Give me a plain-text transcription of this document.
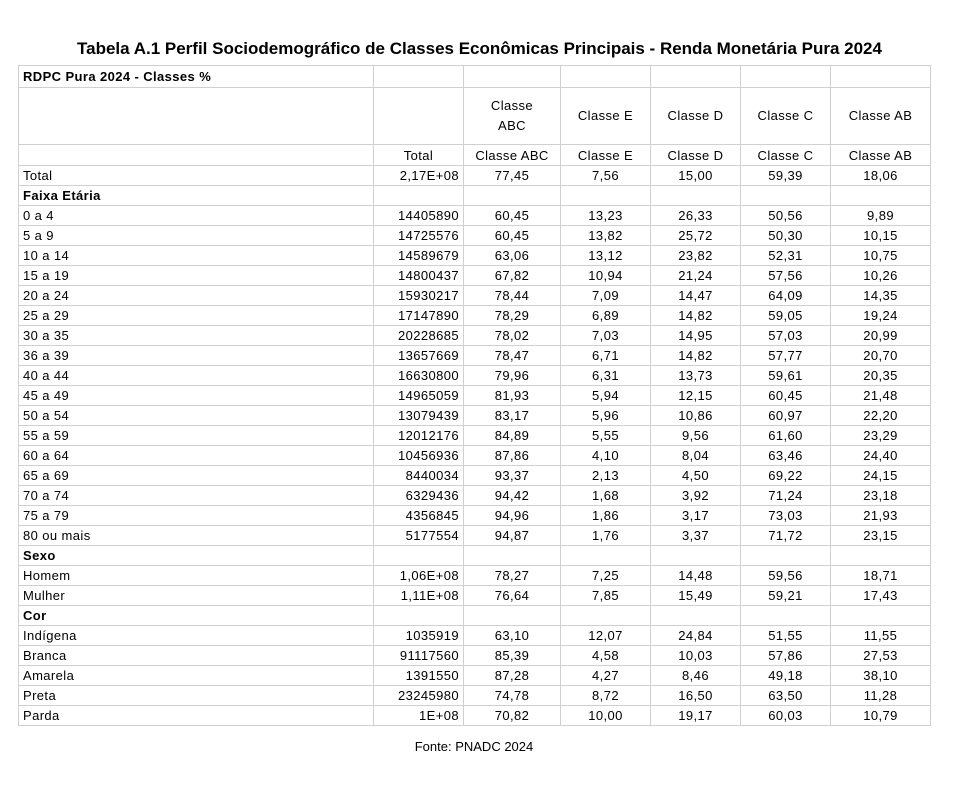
Tabela A.1 Perfil Sociodemográfico de Classes Econômicas Principais - Renda Monetária Pura 2024
RDPC Pura 2024 - Classes %						
		Classe ABC	Classe E	Classe D	Classe C	Classe AB
	Total	Classe ABC	Classe E	Classe D	Classe C	Classe AB
Total	2,17E+08	77,45	7,56	15,00	59,39	18,06
Faixa Etária						
0 a 4	14405890	60,45	13,23	26,33	50,56	9,89
5 a 9	14725576	60,45	13,82	25,72	50,30	10,15
10 a 14	14589679	63,06	13,12	23,82	52,31	10,75
15 a 19	14800437	67,82	10,94	21,24	57,56	10,26
20 a 24	15930217	78,44	7,09	14,47	64,09	14,35
25 a 29	17147890	78,29	6,89	14,82	59,05	19,24
30 a 35	20228685	78,02	7,03	14,95	57,03	20,99
36 a 39	13657669	78,47	6,71	14,82	57,77	20,70
40 a 44	16630800	79,96	6,31	13,73	59,61	20,35
45 a 49	14965059	81,93	5,94	12,15	60,45	21,48
50 a 54	13079439	83,17	5,96	10,86	60,97	22,20
55 a 59	12012176	84,89	5,55	9,56	61,60	23,29
60 a 64	10456936	87,86	4,10	8,04	63,46	24,40
65 a 69	8440034	93,37	2,13	4,50	69,22	24,15
70 a 74	6329436	94,42	1,68	3,92	71,24	23,18
75 a 79	4356845	94,96	1,86	3,17	73,03	21,93
80 ou mais	5177554	94,87	1,76	3,37	71,72	23,15
Sexo						
Homem	1,06E+08	78,27	7,25	14,48	59,56	18,71
Mulher	1,11E+08	76,64	7,85	15,49	59,21	17,43
Cor						
Indígena	1035919	63,10	12,07	24,84	51,55	11,55
Branca	91117560	85,39	4,58	10,03	57,86	27,53
Amarela	1391550	87,28	4,27	8,46	49,18	38,10
Preta	23245980	74,78	8,72	16,50	63,50	11,28
Parda	1E+08	70,82	10,00	19,17	60,03	10,79
Fonte: PNADC 2024
